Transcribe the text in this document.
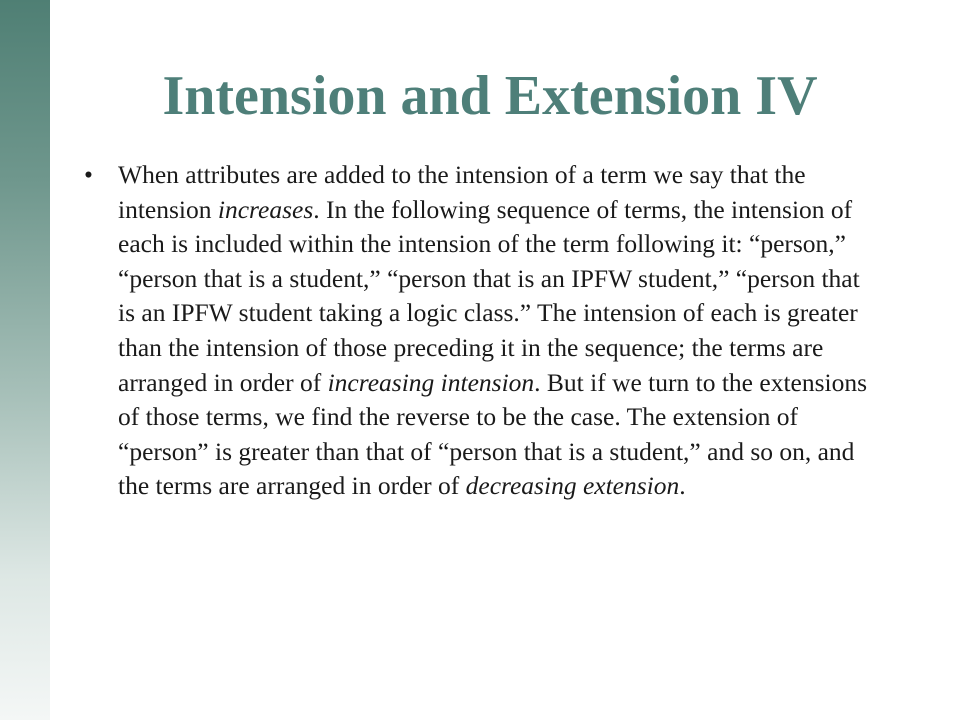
Intension and Extension IV
• When attributes are added to the intension of a term we say that the intension increases. In the following sequence of terms, the intension of each is included within the intension of the term following it: “person,” “person that is a student,” “person that is an IPFW student,” “person that is an IPFW student taking a logic class.” The intension of each is greater than the intension of those preceding it in the sequence; the terms are arranged in order of increasing intension. But if we turn to the extensions of those terms, we find the reverse to be the case. The extension of “person” is greater than that of “person that is a student,” and so on, and the terms are arranged in order of decreasing extension.
